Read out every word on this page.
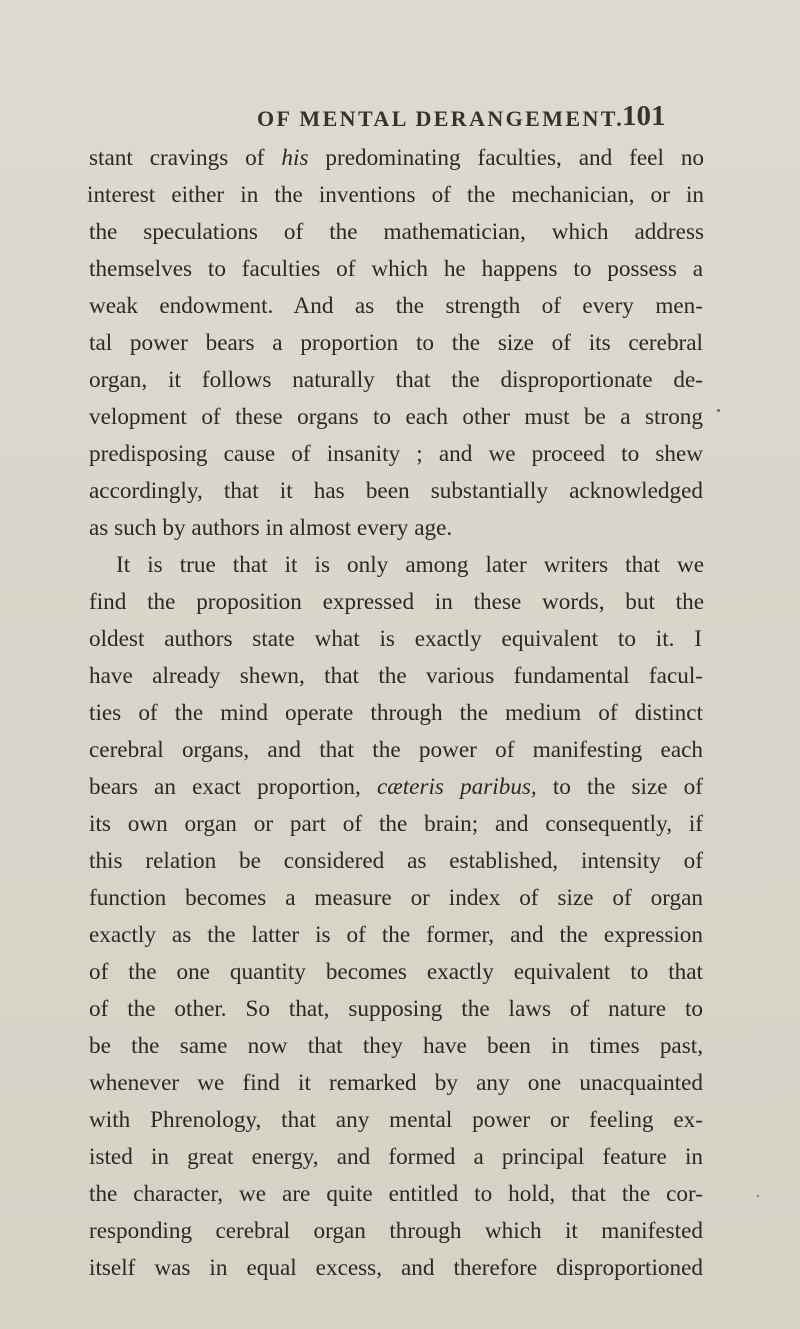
OF MENTAL DERANGEMENT.
101
stant cravings of his predominating faculties, and feel no
interest either in the inventions of the mechanician, or in
the speculations of the mathematician, which address
themselves to faculties of which he happens to possess a
weak endowment. And as the strength of every men-
tal power bears a proportion to the size of its cerebral
organ, it follows naturally that the disproportionate de-
velopment of these organs to each other must be a strong
predisposing cause of insanity ; and we proceed to shew
accordingly, that it has been substantially acknowledged
as such by authors in almost every age.
It is true that it is only among later writers that we
find the proposition expressed in these words, but the
oldest authors state what is exactly equivalent to it. I
have already shewn, that the various fundamental facul-
ties of the mind operate through the medium of distinct
cerebral organs, and that the power of manifesting each
bears an exact proportion, cæteris paribus, to the size of
its own organ or part of the brain; and consequently, if
this relation be considered as established, intensity of
function becomes a measure or index of size of organ
exactly as the latter is of the former, and the expression
of the one quantity becomes exactly equivalent to that
of the other. So that, supposing the laws of nature to
be the same now that they have been in times past,
whenever we find it remarked by any one unacquainted
with Phrenology, that any mental power or feeling ex-
isted in great energy, and formed a principal feature in
the character, we are quite entitled to hold, that the cor-
responding cerebral organ through which it manifested
itself was in equal excess, and therefore disproportioned
